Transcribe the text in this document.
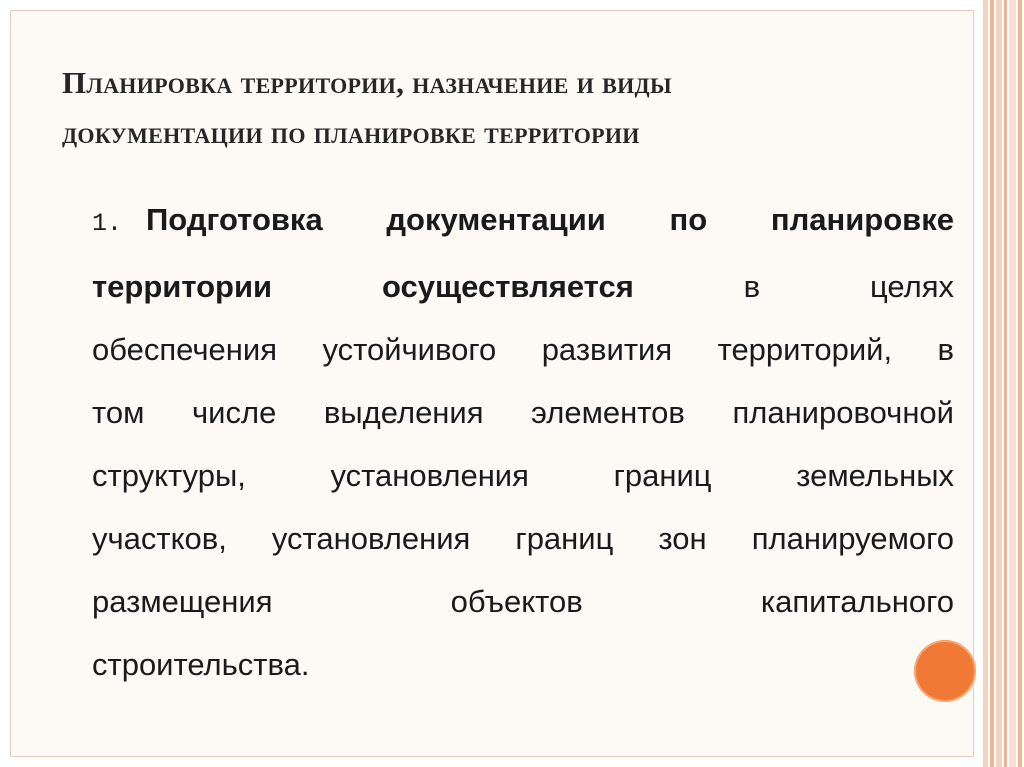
Планировка территории, назначение и виды
документации по планировке территории
1. Подготовка документации по планировке
территории	осуществляется	в целях
обеспечения устойчивого развития территорий, в
том числе выделения элементов планировочной
структуры, установления границ земельных
участков, установления границ зон планируемого
размещения объектов капитального
строительства.
